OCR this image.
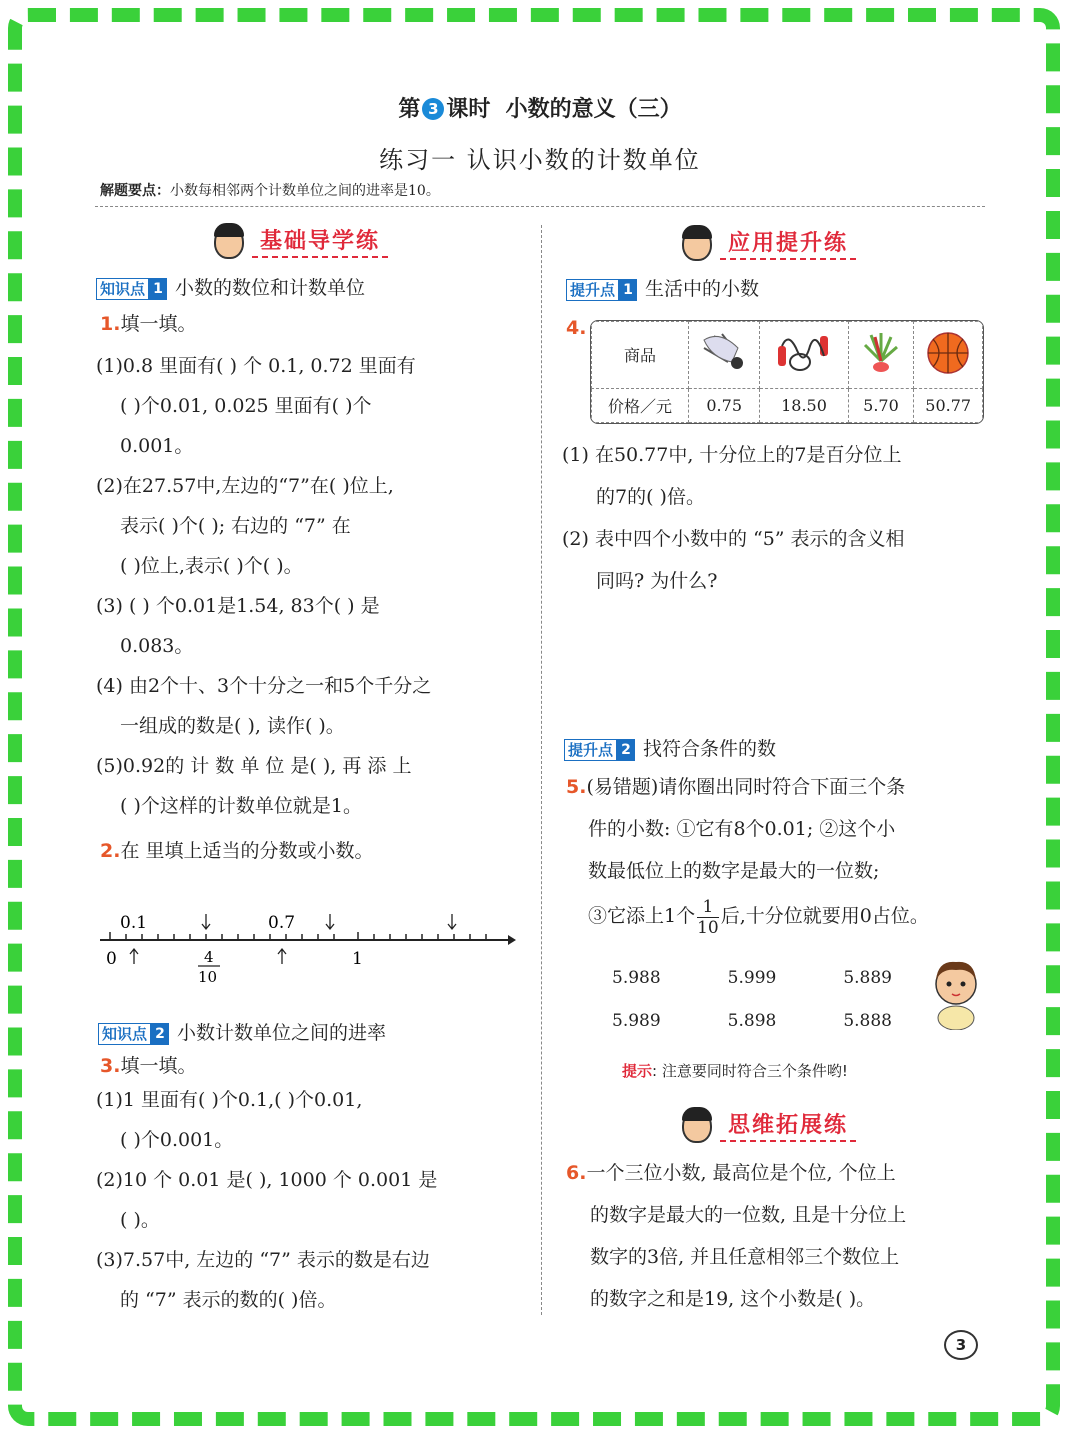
第 3 课时 小数的意义（三）
练习一 认识小数的计数单位
解题要点：小数每相邻两个计数单位之间的进率是10。
基础导学练
知识点 1 小数的数位和计数单位
1.填一填。
(1)0.8 里面有( ) 个 0.1, 0.72 里面有
( )个0.01, 0.025 里面有( )个
0.001。
(2)在27.57中,左边的“7”在( )位上,
表示( )个( ); 右边的 “7” 在
( )位上,表示( )个( )。
(3) ( ) 个0.01是1.54, 83个( ) 是
0.083。
(4) 由2个十、3个十分之一和5个千分之
一组成的数是( ), 读作( )。
(5)0.92的 计 数 单 位 是( ), 再 添 上
( )个这样的计数单位就是1。
2.在 里填上适当的分数或小数。
0.1	0.7
0	1
4
10
知识点 2 小数计数单位之间的进率
3.填一填。
(1)1 里面有( )个0.1,( )个0.01,
( )个0.001。
(2)10 个 0.01 是( ), 1000 个 0.001 是
( )。
(3)7.57中, 左边的 “7” 表示的数是右边
的 “7” 表示的数的( )倍。
应用提升练
提升点 1 生活中的小数
4.
商品				
价格／元	0.75	18.50	5.70	50.77
(1) 在50.77中, 十分位上的7是百分位上
的7的( )倍。
(2) 表中四个小数中的 “5” 表示的含义相
同吗? 为什么?
提升点 2 找符合条件的数
5.(易错题)请你圈出同时符合下面三个条
件的小数: ①它有8个0.01; ②这个小
数最低位上的数字是最大的一位数;
③它添上1个 $\frac{1}{10}$ 后,十分位就要用0占位。
5.988	5.999	5.889
5.989	5.898	5.888
提示: 注意要同时符合三个条件哟!
思维拓展练
6.一个三位小数, 最高位是个位, 个位上
的数字是最大的一位数, 且是十分位上
数字的3倍, 并且任意相邻三个数位上
的数字之和是19, 这个小数是( )。
3
